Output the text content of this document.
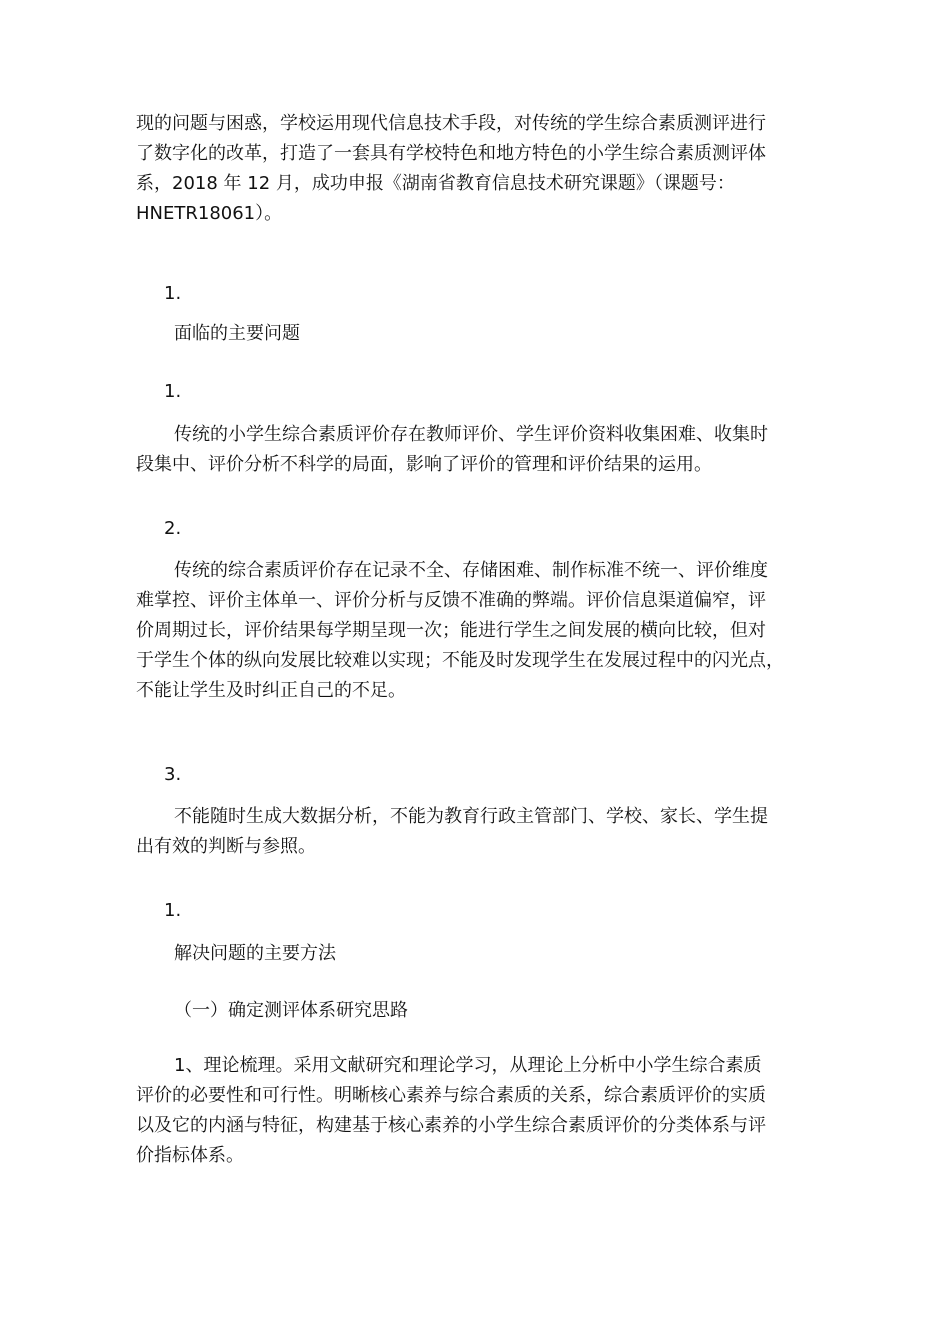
现的问题与困惑，学校运用现代信息技术手段，对传统的学生综合素质测评进行
了数字化的改革，打造了一套具有学校特色和地方特色的小学生综合素质测评体
系，2018 年 12 月，成功申报《湖南省教育信息技术研究课题》（课题号：
HNETR18061）。
1.
面临的主要问题
1.
传统的小学生综合素质评价存在教师评价、学生评价资料收集困难、收集时
段集中、评价分析不科学的局面，影响了评价的管理和评价结果的运用。
2.
传统的综合素质评价存在记录不全、存储困难、制作标准不统一、评价维度
难掌控、评价主体单一、评价分析与反馈不准确的弊端。评价信息渠道偏窄，评
价周期过长，评价结果每学期呈现一次；能进行学生之间发展的横向比较，但对
于学生个体的纵向发展比较难以实现；不能及时发现学生在发展过程中的闪光点，
不能让学生及时纠正自己的不足。
3.
不能随时生成大数据分析，不能为教育行政主管部门、学校、家长、学生提
出有效的判断与参照。
1.
解决问题的主要方法
（一）确定测评体系研究思路
1、理论梳理。采用文献研究和理论学习，从理论上分析中小学生综合素质
评价的必要性和可行性。明晰核心素养与综合素质的关系，综合素质评价的实质
以及它的内涵与特征，构建基于核心素养的小学生综合素质评价的分类体系与评
价指标体系。
